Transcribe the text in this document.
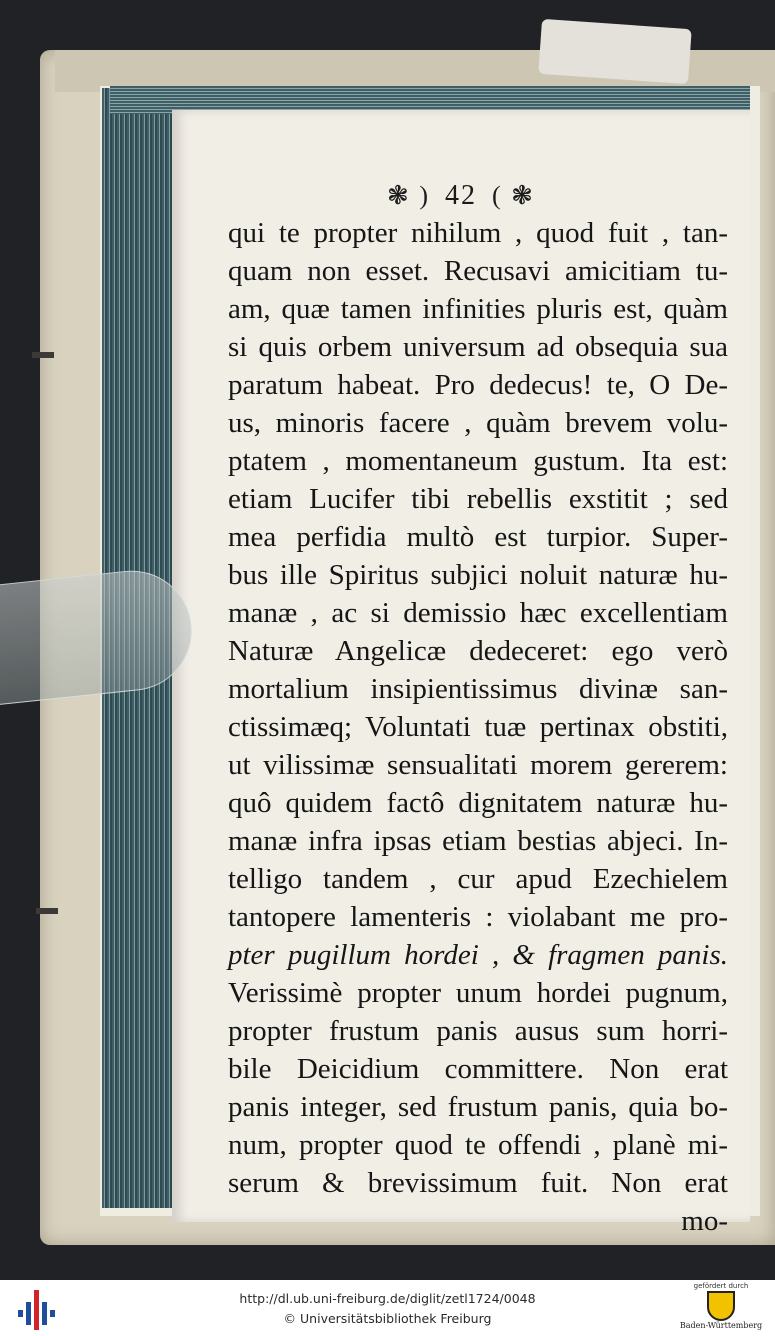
❃ ) 42 ( ❃
qui te propter nihilum , quod fuit , tan-
quam non esset. Recusavi amicitiam tu-
am, quæ tamen infinities pluris est, quàm
si quis orbem universum ad obsequia sua
paratum habeat. Pro dedecus! te, O De-
us, minoris facere , quàm brevem volu-
ptatem , momentaneum gustum. Ita est:
etiam Lucifer tibi rebellis exstitit ; sed
mea perfidia multò est turpior. Super-
bus ille Spiritus subjici noluit naturæ hu-
manæ , ac si demissio hæc excellentiam
Naturæ Angelicæ dedeceret: ego verò
mortalium insipientissimus divinæ san-
ctissimæq; Voluntati tuæ pertinax obstiti,
ut vilissimæ sensualitati morem gererem:
quô quidem factô dignitatem naturæ hu-
manæ infra ipsas etiam bestias abjeci. In-
telligo tandem , cur apud Ezechielem
tantopere lamenteris : violabant me pro-
pter pugillum hordei , & fragmen panis.
Verissimè propter unum hordei pugnum,
propter frustum panis ausus sum horri-
bile Deicidium committere. Non erat
panis integer, sed frustum panis, quia bo-
num, propter quod te offendi , planè mi-
serum & brevissimum fuit. Non erat
mo-
http://dl.ub.uni-freiburg.de/diglit/zetl1724/0048
© Universitätsbibliothek Freiburg
gefördert durch
Baden-Württemberg
